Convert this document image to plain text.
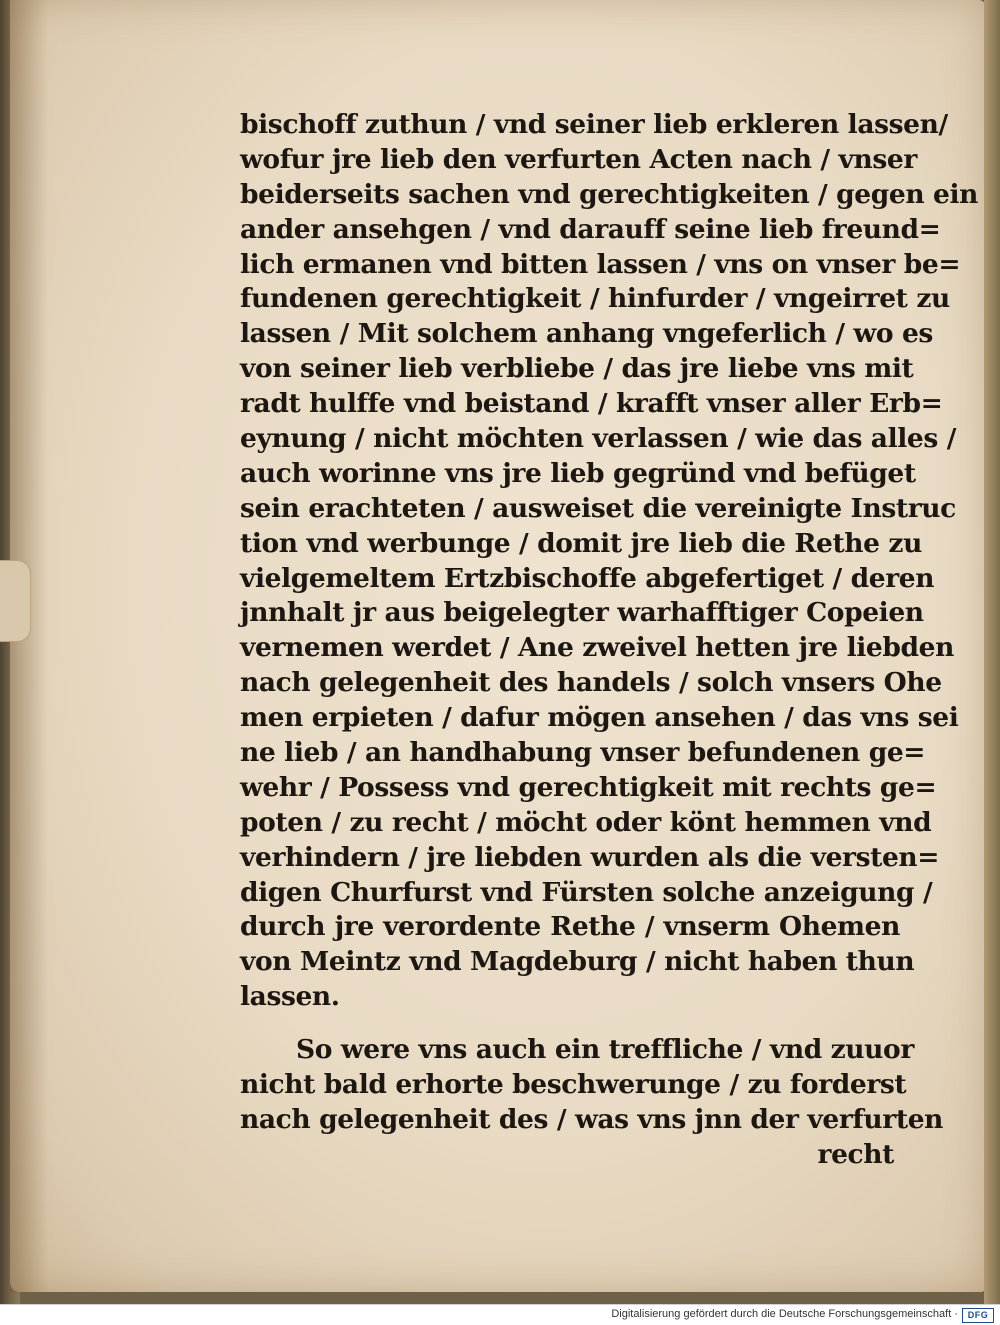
bischoff zuthun / vnd seiner lieb erkleren lassen/
wofur jre lieb den verfurten Acten nach / vnser
beiderseits sachen vnd gerechtigkeiten / gegen ein
ander ansehgen / vnd darauff seine lieb freund=
lich ermanen vnd bitten lassen / vns on vnser be=
fundenen gerechtigkeit / hinfurder / vngeirret zu
lassen / Mit solchem anhang vngeferlich / wo es
von seiner lieb verbliebe / das jre liebe vns mit
radt hulffe vnd beistand / krafft vnser aller Erb=
eynung / nicht möchten verlassen / wie das alles /
auch worinne vns jre lieb gegründ vnd befüget
sein erachteten / ausweiset die vereinigte Instruc
tion vnd werbunge / domit jre lieb die Rethe zu
vielgemeltem Ertzbischoffe abgefertiget / deren
jnnhalt jr aus beigelegter warhafftiger Copeien
vernemen werdet / Ane zweivel hetten jre liebden
nach gelegenheit des handels / solch vnsers Ohe
men erpieten / dafur mögen ansehen / das vns sei
ne lieb / an handhabung vnser befundenen ge=
wehr / Possess vnd gerechtigkeit mit rechts ge=
poten / zu recht / möcht oder könt hemmen vnd
verhindern / jre liebden wurden als die versten=
digen Churfurst vnd Fürsten solche anzeigung /
durch jre verordente Rethe / vnserm Ohemen
von Meintz vnd Magdeburg / nicht haben thun
lassen.
So were vns auch ein treffliche / vnd zuuor
nicht bald erhorte beschwerunge / zu forderst
nach gelegenheit des / was vns jnn der verfurten
recht
Digitalisierung gefördert durch die Deutsche Forschungsgemeinschaft ·	DFG
